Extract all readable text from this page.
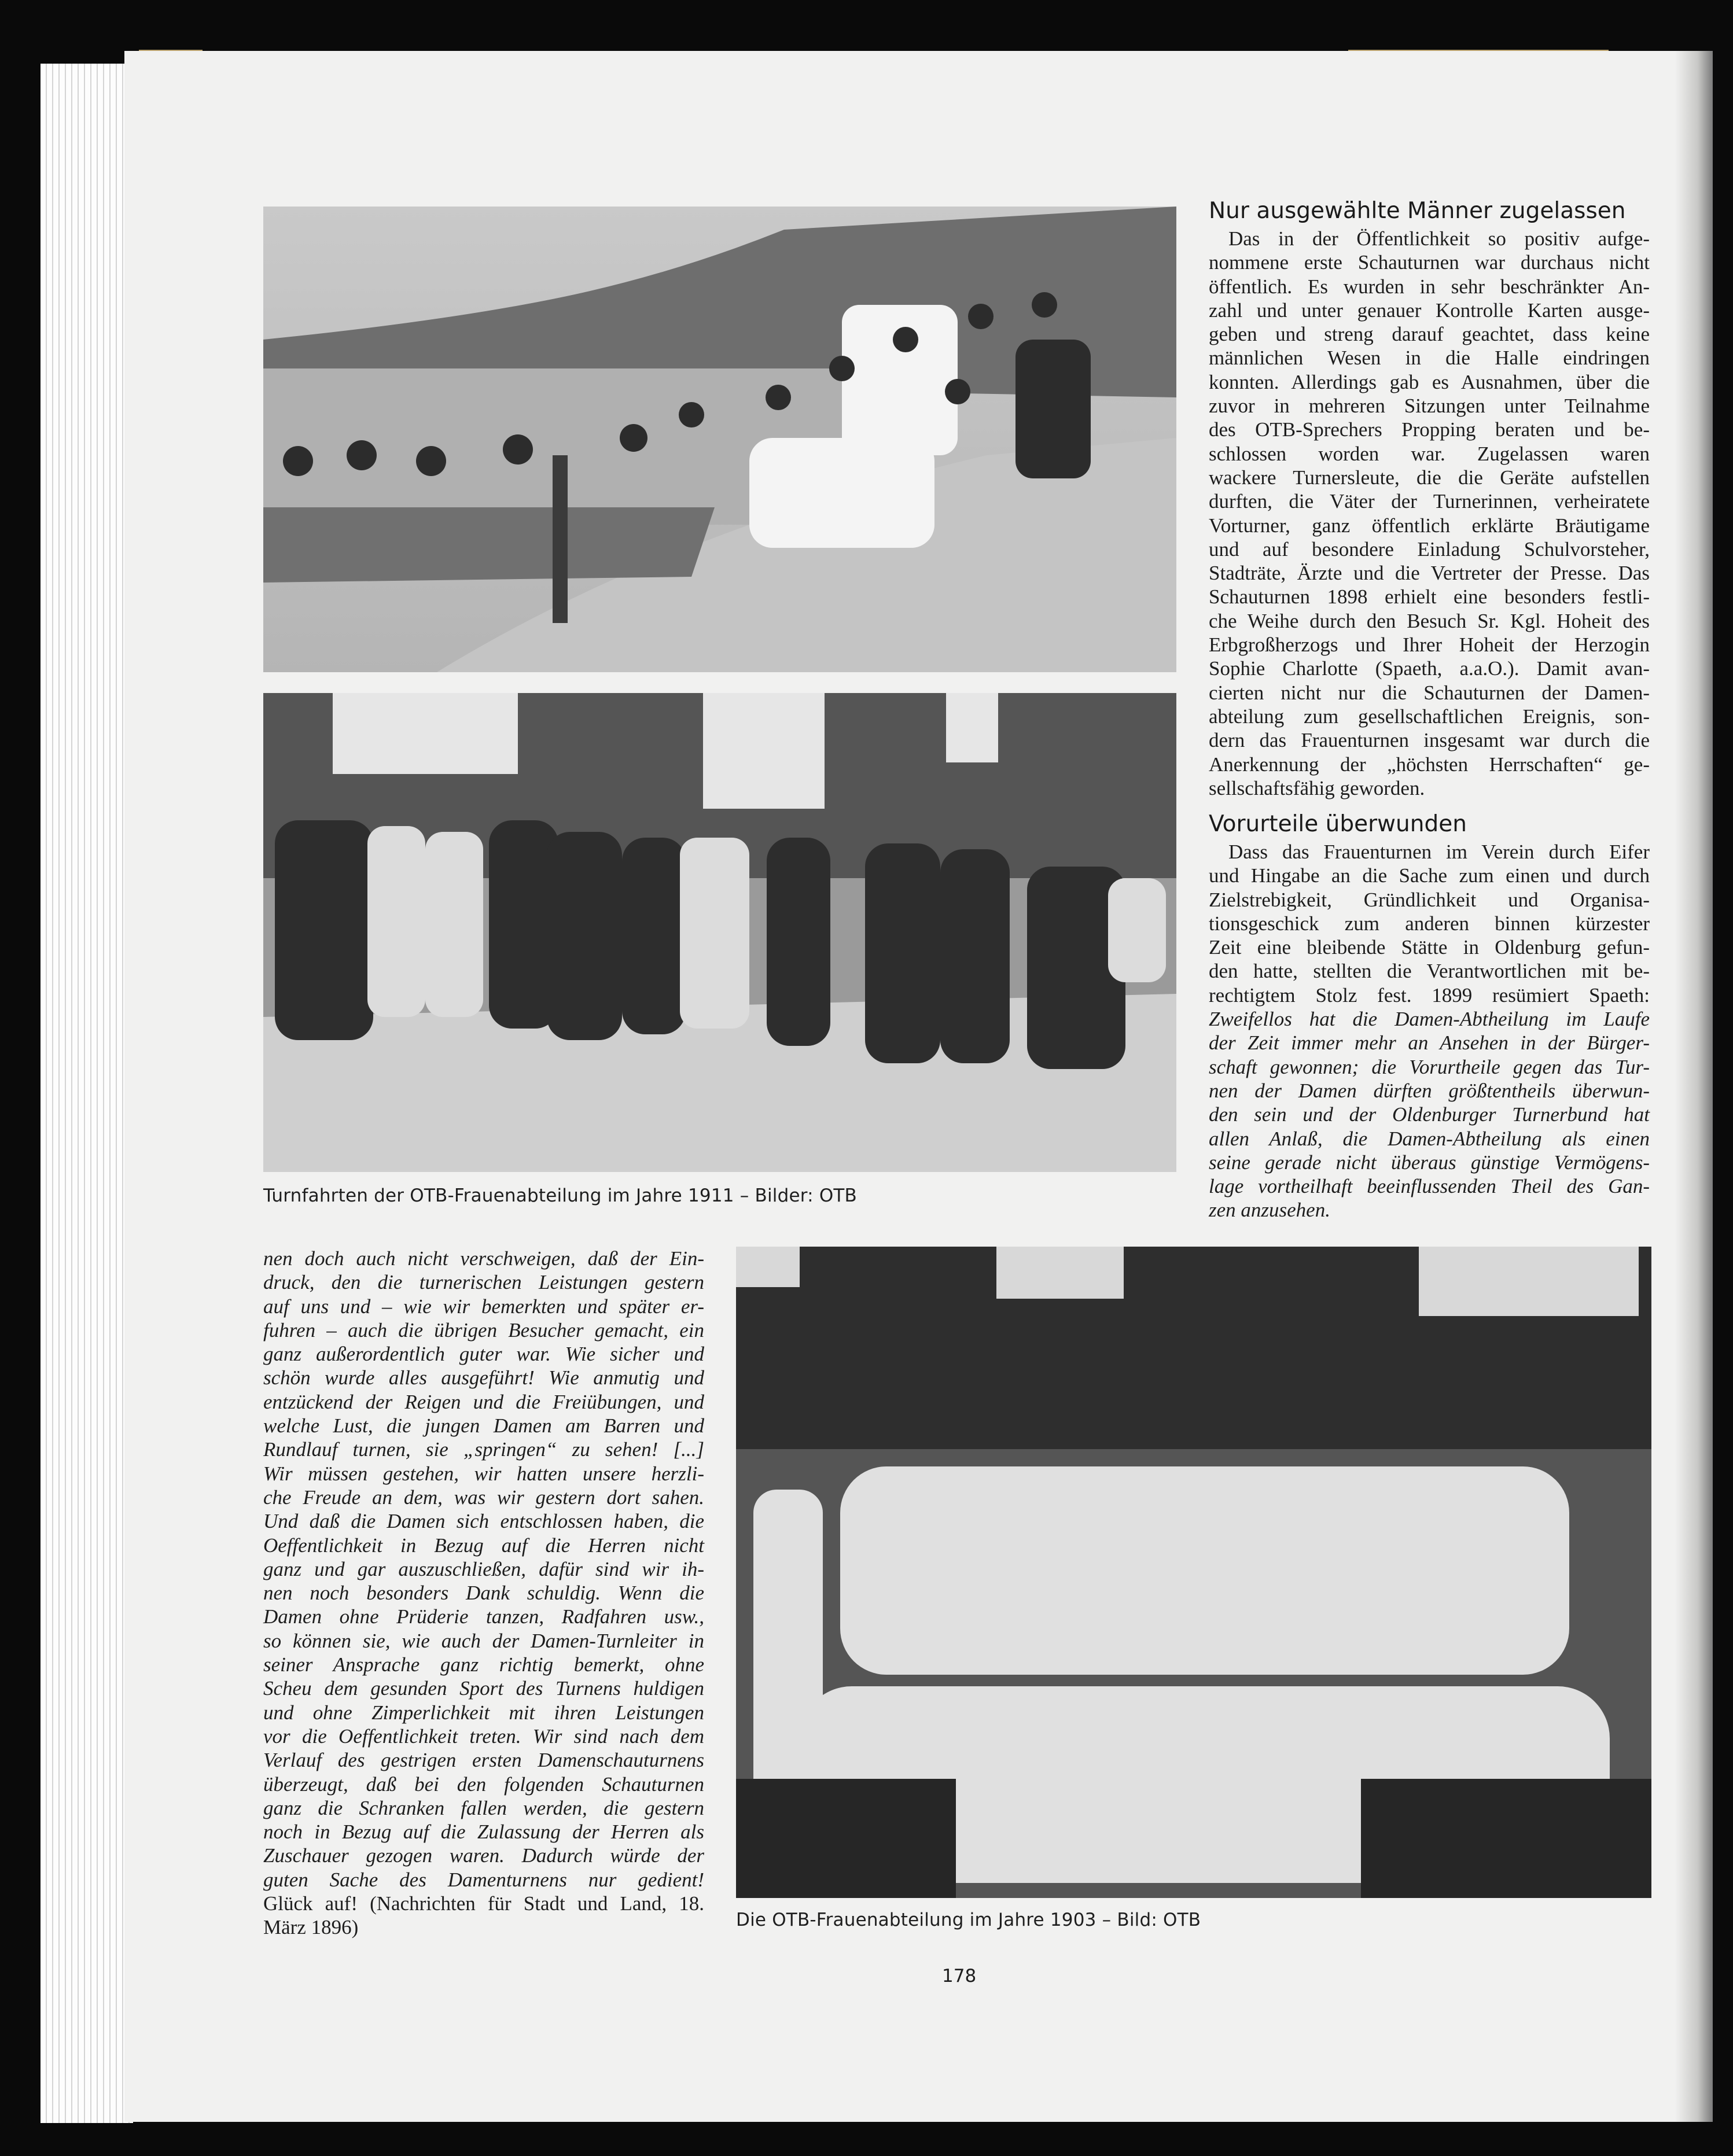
Nur ausgewählte Männer zugelassen
Das in der Öffentlichkeit so positiv aufge-
nommene erste Schauturnen war durchaus nicht
öffentlich. Es wurden in sehr beschränkter An-
zahl und unter genauer Kontrolle Karten ausge-
geben und streng darauf geachtet, dass keine
männlichen Wesen in die Halle eindringen
konnten. Allerdings gab es Ausnahmen, über die
zuvor in mehreren Sitzungen unter Teilnahme
des OTB-Sprechers Propping beraten und be-
schlossen worden war. Zugelassen waren
wackere Turnersleute, die die Geräte aufstellen
durften, die Väter der Turnerinnen, verheiratete
Vorturner, ganz öffentlich erklärte Bräutigame
und auf besondere Einladung Schulvorsteher,
Stadträte, Ärzte und die Vertreter der Presse. Das
Schauturnen 1898 erhielt eine besonders festli-
che Weihe durch den Besuch Sr. Kgl. Hoheit des
Erbgroßherzogs und Ihrer Hoheit der Herzogin
Sophie Charlotte (Spaeth, a.a.O.). Damit avan-
cierten nicht nur die Schauturnen der Damen-
abteilung zum gesellschaftlichen Ereignis, son-
dern das Frauenturnen insgesamt war durch die
Anerkennung der „höchsten Herrschaften“ ge-
sellschaftsfähig geworden.
Vorurteile überwunden
Dass das Frauenturnen im Verein durch Eifer
und Hingabe an die Sache zum einen und durch
Zielstrebigkeit, Gründlichkeit und Organisa-
tionsgeschick zum anderen binnen kürzester
Zeit eine bleibende Stätte in Oldenburg gefun-
den hatte, stellten die Verantwortlichen mit be-
rechtigtem Stolz fest. 1899 resümiert Spaeth:
Zweifellos hat die Damen-Abtheilung im Laufe
der Zeit immer mehr an Ansehen in der Bürger-
schaft gewonnen; die Vorurtheile gegen das Tur-
nen der Damen dürften größtentheils überwun-
den sein und der Oldenburger Turnerbund hat
allen Anlaß, die Damen-Abtheilung als einen
seine gerade nicht überaus günstige Vermögens-
lage vortheilhaft beeinflussenden Theil des Gan-
zen anzusehen.
Turnfahrten der OTB-Frauenabteilung im Jahre 1911 – Bilder: OTB
Die OTB-Frauenabteilung im Jahre 1903 – Bild: OTB
nen doch auch nicht verschweigen, daß der Ein-
druck, den die turnerischen Leistungen gestern
auf uns und – wie wir bemerkten und später er-
fuhren – auch die übrigen Besucher gemacht, ein
ganz außerordentlich guter war. Wie sicher und
schön wurde alles ausgeführt! Wie anmutig und
entzückend der Reigen und die Freiübungen, und
welche Lust, die jungen Damen am Barren und
Rundlauf turnen, sie „springen“ zu sehen! [...]
Wir müssen gestehen, wir hatten unsere herzli-
che Freude an dem, was wir gestern dort sahen.
Und daß die Damen sich entschlossen haben, die
Oeffentlichkeit in Bezug auf die Herren nicht
ganz und gar auszuschließen, dafür sind wir ih-
nen noch besonders Dank schuldig. Wenn die
Damen ohne Prüderie tanzen, Radfahren usw.,
so können sie, wie auch der Damen-Turnleiter in
seiner Ansprache ganz richtig bemerkt, ohne
Scheu dem gesunden Sport des Turnens huldigen
und ohne Zimperlichkeit mit ihren Leistungen
vor die Oeffentlichkeit treten. Wir sind nach dem
Verlauf des gestrigen ersten Damenschauturnens
überzeugt, daß bei den folgenden Schauturnen
ganz die Schranken fallen werden, die gestern
noch in Bezug auf die Zulassung der Herren als
Zuschauer gezogen waren. Dadurch würde der
guten Sache des Damenturnens nur gedient!
Glück auf! (Nachrichten für Stadt und Land, 18.
März 1896)
178
